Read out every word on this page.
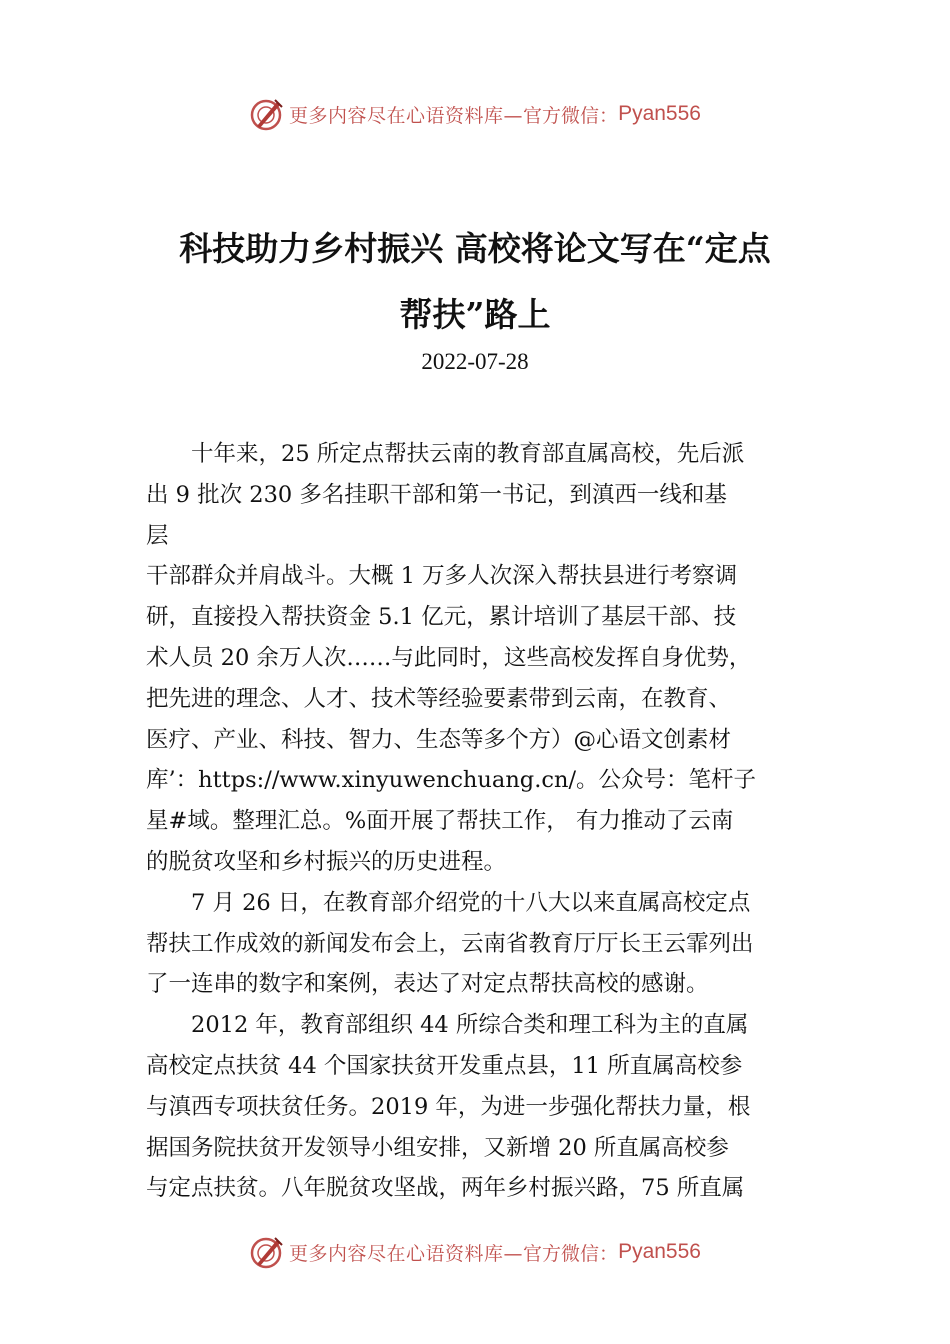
更多内容尽在心语资料库— 官方微信： Pyan556
科技助力乡村振兴 高校将论文写在“定点
帮扶”路上
2022-07-28
　　十年来，25 所定点帮扶云南的教育部直属高校，先后派
出 9 批次 230 多名挂职干部和第一书记，到滇西一线和基
层
干部群众并肩战斗。大概 1 万多人次深入帮扶县进行考察调
研，直接投入帮扶资金 5.1 亿元，累计培训了基层干部、技
术人员 20 余万人次……与此同时，这些高校发挥自身优势，
把先进的理念、人才、技术等经验要素带到云南，在教育、
医疗、产业、科技、智力、生态等多个方）@心语文创素材
库’：https://www.xinyuwenchuang.cn/。公众号：笔杆子
星#域。整理汇总。%面开展了帮扶工作， 有力推动了云南
的脱贫攻坚和乡村振兴的历史进程。
　　7 月 26 日，在教育部介绍党的十八大以来直属高校定点
帮扶工作成效的新闻发布会上，云南省教育厅厅长王云霏列出
了一连串的数字和案例，表达了对定点帮扶高校的感谢。
　　2012 年，教育部组织 44 所综合类和理工科为主的直属
高校定点扶贫 44 个国家扶贫开发重点县，11 所直属高校参
与滇西专项扶贫任务。2019 年，为进一步强化帮扶力量，根
据国务院扶贫开发领导小组安排，又新增 20 所直属高校参
与定点扶贫。八年脱贫攻坚战，两年乡村振兴路，75 所直属
更多内容尽在心语资料库— 官方微信： Pyan556
